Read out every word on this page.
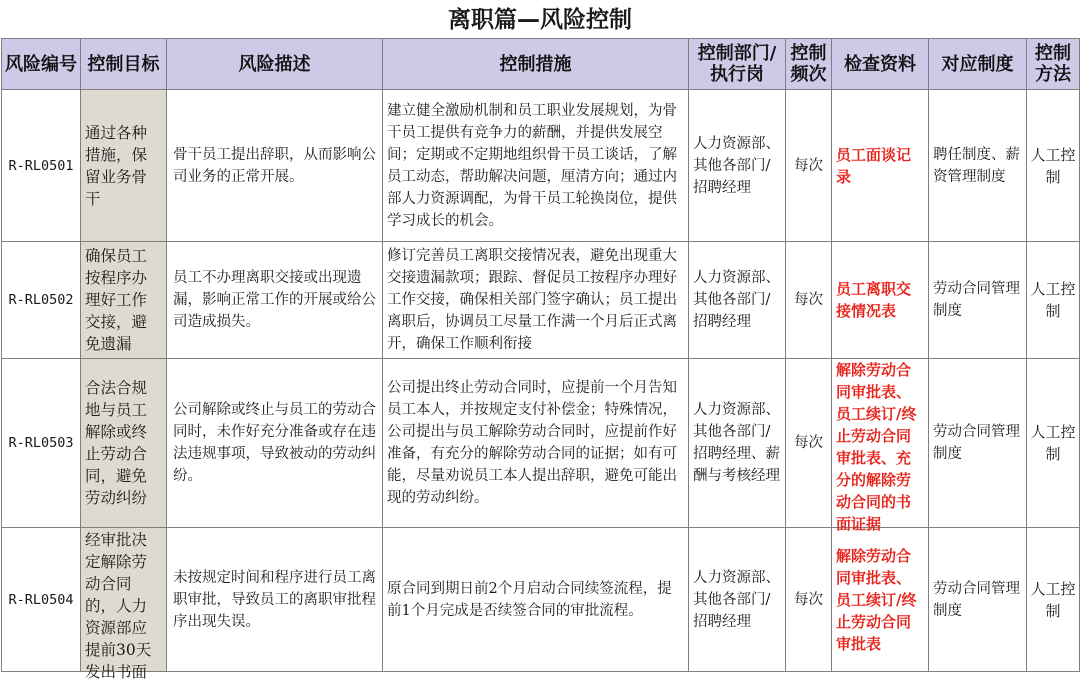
离职篇—风险控制
风险编号	控制目标	风险描述	控制措施	控制部门/执行岗	控制频次	检查资料	对应制度	控制方法
R-RL0501	通过各种措施，保留业务骨干	骨干员工提出辞职，从而影响公司业务的正常开展。	建立健全激励机制和员工职业发展规划，为骨干员工提供有竞争力的薪酬，并提供发展空间；定期或不定期地组织骨干员工谈话，了解员工动态，帮助解决问题，厘清方向；通过内部人力资源调配，为骨干员工轮换岗位，提供学习成长的机会。	人力资源部、其他各部门/招聘经理	每次	员工面谈记录	聘任制度、薪资管理制度	人工控制
R-RL0502	确保员工按程序办理好工作交接，避免遗漏	员工不办理离职交接或出现遗漏，影响正常工作的开展或给公司造成损失。	修订完善员工离职交接情况表，避免出现重大交接遗漏款项；跟踪、督促员工按程序办理好工作交接，确保相关部门签字确认；员工提出离职后，协调员工尽量工作满一个月后正式离开，确保工作顺利衔接	人力资源部、其他各部门/招聘经理	每次	员工离职交接情况表	劳动合同管理制度	人工控制
R-RL0503	合法合规地与员工解除或终止劳动合同，避免劳动纠纷	公司解除或终止与员工的劳动合同时，未作好充分准备或存在违法违规事项，导致被动的劳动纠纷。	公司提出终止劳动合同时，应提前一个月告知员工本人，并按规定支付补偿金；特殊情况，公司提出与员工解除劳动合同时，应提前作好准备，有充分的解除劳动合同的证据；如有可能，尽量劝说员工本人提出辞职，避免可能出现的劳动纠纷。	人力资源部、其他各部门/招聘经理、薪酬与考核经理	每次	解除劳动合同审批表、员工续订/终止劳动合同审批表、充分的解除劳动合同的书面证据	劳动合同管理制度	人工控制
R-RL0504	经审批决定解除劳动合同的，人力资源部应提前30天发出书面	未按规定时间和程序进行员工离职审批，导致员工的离职审批程序出现失误。	原合同到期日前2个月启动合同续签流程，提前1个月完成是否续签合同的审批流程。	人力资源部、其他各部门/招聘经理	每次	解除劳动合同审批表、员工续订/终止劳动合同审批表	劳动合同管理制度	人工控制
